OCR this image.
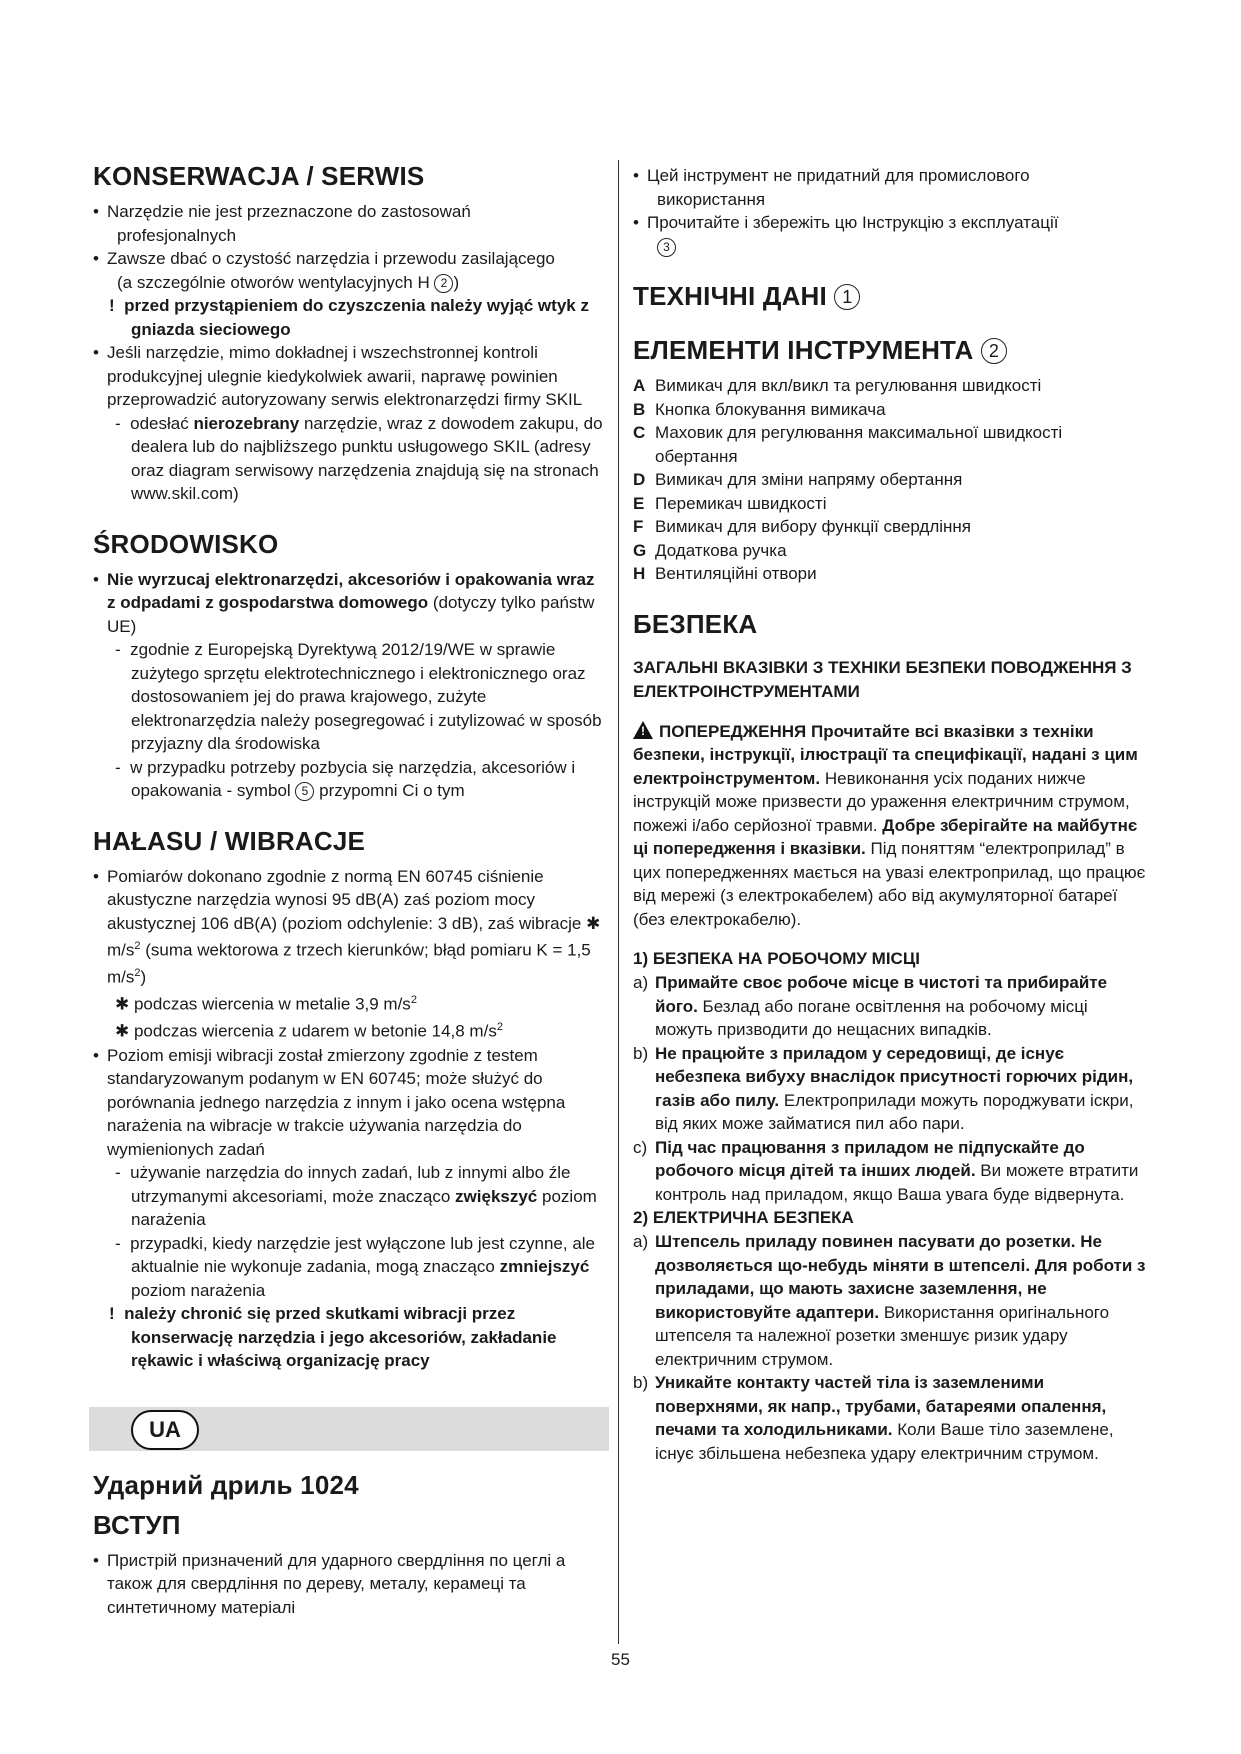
KONSERWACJA / SERWIS
• Narzędzie nie jest przeznaczone do zastosowań
profesjonalnych
• Zawsze dbać o czystość narzędzia i przewodu zasilającego
(a szczególnie otworów wentylacyjnych H 2 )
!  przed przystąpieniem do czyszczenia należy wyjąć wtyk z gniazda sieciowego
• Jeśli narzędzie, mimo dokładnej i wszechstronnej kontroli produkcyjnej ulegnie kiedykolwiek awarii, naprawę powinien przeprowadzić autoryzowany serwis elektronarzędzi firmy SKIL
-  odesłać nierozebrany narzędzie, wraz z dowodem zakupu, do dealera lub do najbliższego punktu usługowego SKIL (adresy oraz diagram serwisowy narzędzenia znajdują się na stronach www.skil.com)
ŚRODOWISKO
• Nie wyrzucaj elektronarzędzi, akcesoriów i opakowania wraz z odpadami z gospodarstwa domowego (dotyczy tylko państw UE)
-  zgodnie z Europejską Dyrektywą 2012/19/WE w sprawie zużytego sprzętu elektrotechnicznego i elektronicznego oraz dostosowaniem jej do prawa krajowego, zużyte elektronarzędzia należy posegregować i zutylizować w sposób przyjazny dla środowiska
-  w przypadku potrzeby pozbycia się narzędzia, akcesoriów i opakowania - symbol 5 przypomni Ci o tym
HAŁASU / WIBRACJE
• Pomiarów dokonano zgodnie z normą EN 60745 ciśnienie akustyczne narzędzia wynosi 95 dB(A) zaś poziom mocy akustycznej 106 dB(A) (poziom odchylenie: 3 dB), zaś wibracje ✱ $m/s^2$ (suma wektorowa z trzech kierunków; błąd pomiaru K = 1,5 $m/s^2$)
✱ podczas wiercenia w metalie 3,9 $m/s^2$
✱ podczas wiercenia z udarem w betonie 14,8 $m/s^2$
• Poziom emisji wibracji został zmierzony zgodnie z testem standaryzowanym podanym w EN 60745; może służyć do porównania jednego narzędzia z innym i jako ocena wstępna narażenia na wibracje w trakcie używania narzędzia do wymienionych zadań
-  używanie narzędzia do innych zadań, lub z innymi albo źle utrzymanymi akcesoriami, może znacząco zwiększyć poziom narażenia
-  przypadki, kiedy narzędzie jest wyłączone lub jest czynne, ale aktualnie nie wykonuje zadania, mogą znacząco zmniejszyć poziom narażenia
!  należy chronić się przed skutkami wibracji przez konserwację narzędzia i jego akcesoriów, zakładanie rękawic i właściwą organizację pracy
UA
Ударний дриль 1024
ВСТУП
• Пристрій призначений для ударного свердління по цеглі а також для свердління по дереву, металу, керамеці та синтетичному матеріалі
• Цей інструмент не придатний для промислового
використання
• Прочитайте і збережіть цю Інструкцію з експлуатації
3
ТЕХНІЧНІ ДАНІ 1
ЕЛЕМЕНТИ ІНСТРУМЕНТА 2
A Вимикач для вкл/викл та регулювання швидкості
B Кнопка блокування вимикача
C Маховик для регулювання максимальної швидкості обертання
D Вимикач для зміни напряму обертання
E Перемикач швидкості
F Вимикач для вибору функції свердління
G Додаткова ручка
H Вентиляційні отвори
БЕЗПЕКА
ЗАГАЛЬНІ ВКАЗІВКИ З ТЕХНІКИ БЕЗПЕКИ ПОВОДЖЕННЯ З ЕЛЕКТРОІНСТРУМЕНТАМИ
!ПОПЕРЕДЖЕННЯ Прочитайте всі вказівки з техніки безпеки, інструкції, ілюстрації та специфікації, надані з цим електроінструментом. Невиконання усіх поданих нижче інструкцій може призвести до ураження електричним струмом, пожежі і/або серйозної травми. Добре зберігайте на майбутнє ці попередження і вказівки. Під поняттям “електроприлад” в цих попередженнях мається на увазі електроприлад, що працює від мережі (з електрокабелем) або від акумуляторної батареї (без електрокабелю).
1) БЕЗПЕКА НА РОБОЧОМУ МІСЦІ
a) Примайте своє робоче місце в чистоті та прибирайте його. Безлад або погане освітлення на робочому місці можуть призводити до нещасних випадків.
b) Не працюйте з приладом у середовищі, де існує небезпека вибуху внаслідок присутності горючих рідин, газів або пилу. Електроприлади можуть породжувати іскри, від яких може займатися пил або пари.
c) Під час працювання з приладом не підпускайте до робочого місця дітей та інших людей. Ви можете втратити контроль над приладом, якщо Ваша увага буде відвернута.
2) ЕЛЕКТРИЧНА БЕЗПЕКА
a) Штепсель приладу повинен пасувати до розетки. Не дозволяється що-небудь міняти в штепселі. Для роботи з приладами, що мають захисне заземлення, не використовуйте адаптери. Використання оригінального штепселя та належної розетки зменшує ризик удару електричним струмом.
b) Уникайте контакту частей тіла із заземленими поверхнями, як напр., трубами, батареями опалення, печами та холодильниками. Коли Ваше тіло заземлене, існує збільшена небезпека удару електричним струмом.
55
